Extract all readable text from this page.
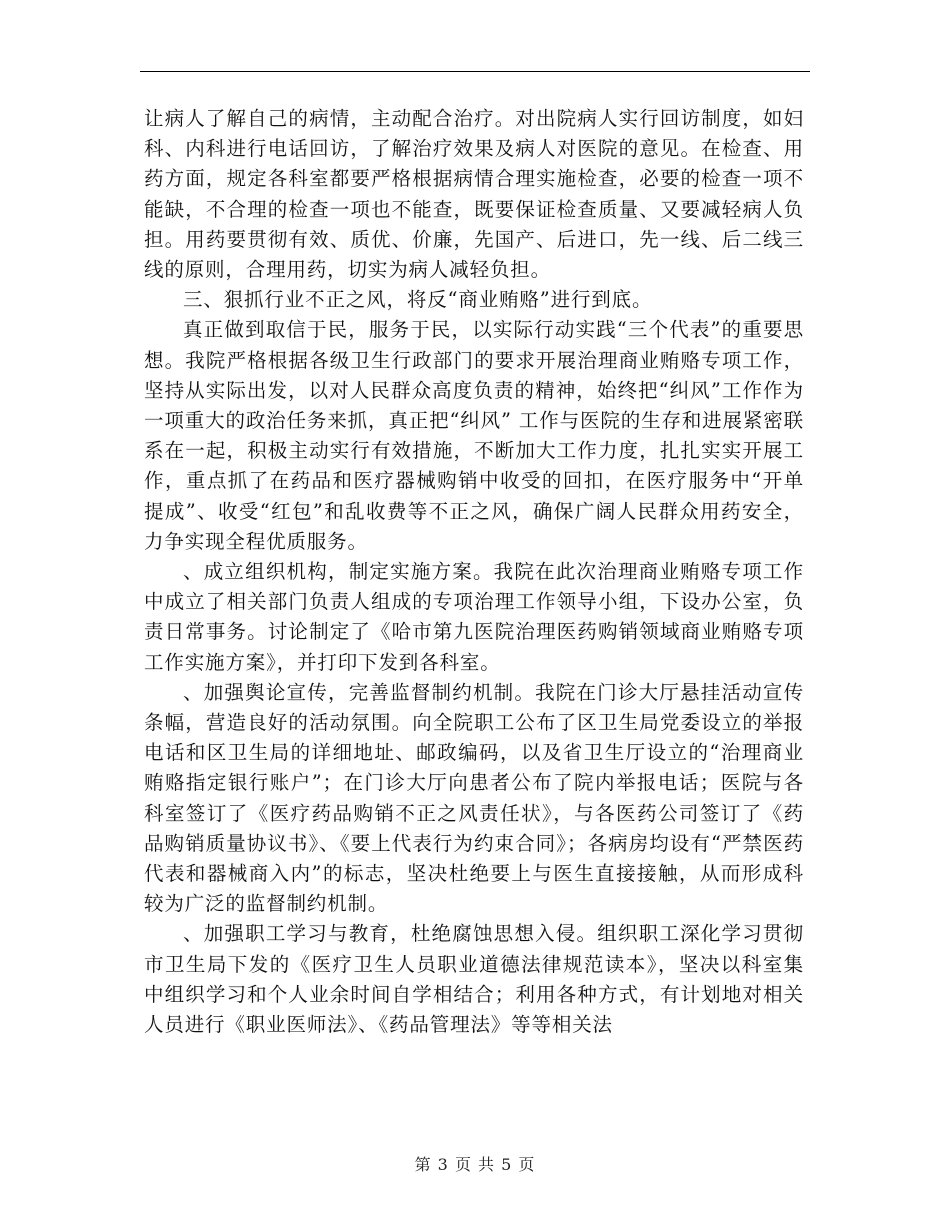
让病人了解自己的病情，主动配合治疗。对出院病人实行回访制度，如妇科、内科进行电话回访，了解治疗效果及病人对医院的意见。在检查、用药方面，规定各科室都要严格根据病情合理实施检查，必要的检查一项不能缺，不合理的检查一项也不能查，既要保证检查质量、又要减轻病人负担。用药要贯彻有效、质优、价廉，先国产、后进口，先一线、后二线三线的原则，合理用药，切实为病人减轻负担。

三、狠抓行业不正之风，将反“商业贿赂”进行到底。

真正做到取信于民，服务于民，以实际行动实践“三个代表”的重要思想。我院严格根据各级卫生行政部门的要求开展治理商业贿赂专项工作，坚持从实际出发，以对人民群众高度负责的精神，始终把“纠风”工作作为一项重大的政治任务来抓，真正把“纠风” 工作与医院的生存和进展紧密联系在一起，积极主动实行有效措施，不断加大工作力度，扎扎实实开展工作，重点抓了在药品和医疗器械购销中收受的回扣，在医疗服务中“开单提成”、收受“红包”和乱收费等不正之风，确保广阔人民群众用药安全，力争实现全程优质服务。

、成立组织机构，制定实施方案。我院在此次治理商业贿赂专项工作中成立了相关部门负责人组成的专项治理工作领导小组，下设办公室，负责日常事务。讨论制定了《哈市第九医院治理医药购销领域商业贿赂专项工作实施方案》，并打印下发到各科室。

、加强舆论宣传，完善监督制约机制。我院在门诊大厅悬挂活动宣传条幅，营造良好的活动氛围。向全院职工公布了区卫生局党委设立的举报电话和区卫生局的详细地址、邮政编码，以及省卫生厅设立的“治理商业贿赂指定银行账户”；在门诊大厅向患者公布了院内举报电话；医院与各科室签订了《医疗药品购销不正之风责任状》，与各医药公司签订了《药品购销质量协议书》、《要上代表行为约束合同》；各病房均设有“严禁医药代表和器械商入内”的标志，坚决杜绝要上与医生直接接触，从而形成科较为广泛的监督制约机制。

、加强职工学习与教育，杜绝腐蚀思想入侵。组织职工深化学习贯彻市卫生局下发的《医疗卫生人员职业道德法律规范读本》，坚决以科室集中组织学习和个人业余时间自学相结合；利用各种方式，有计划地对相关人员进行《职业医师法》、《药品管理法》等等相关法

第 3 页 共 5 页
